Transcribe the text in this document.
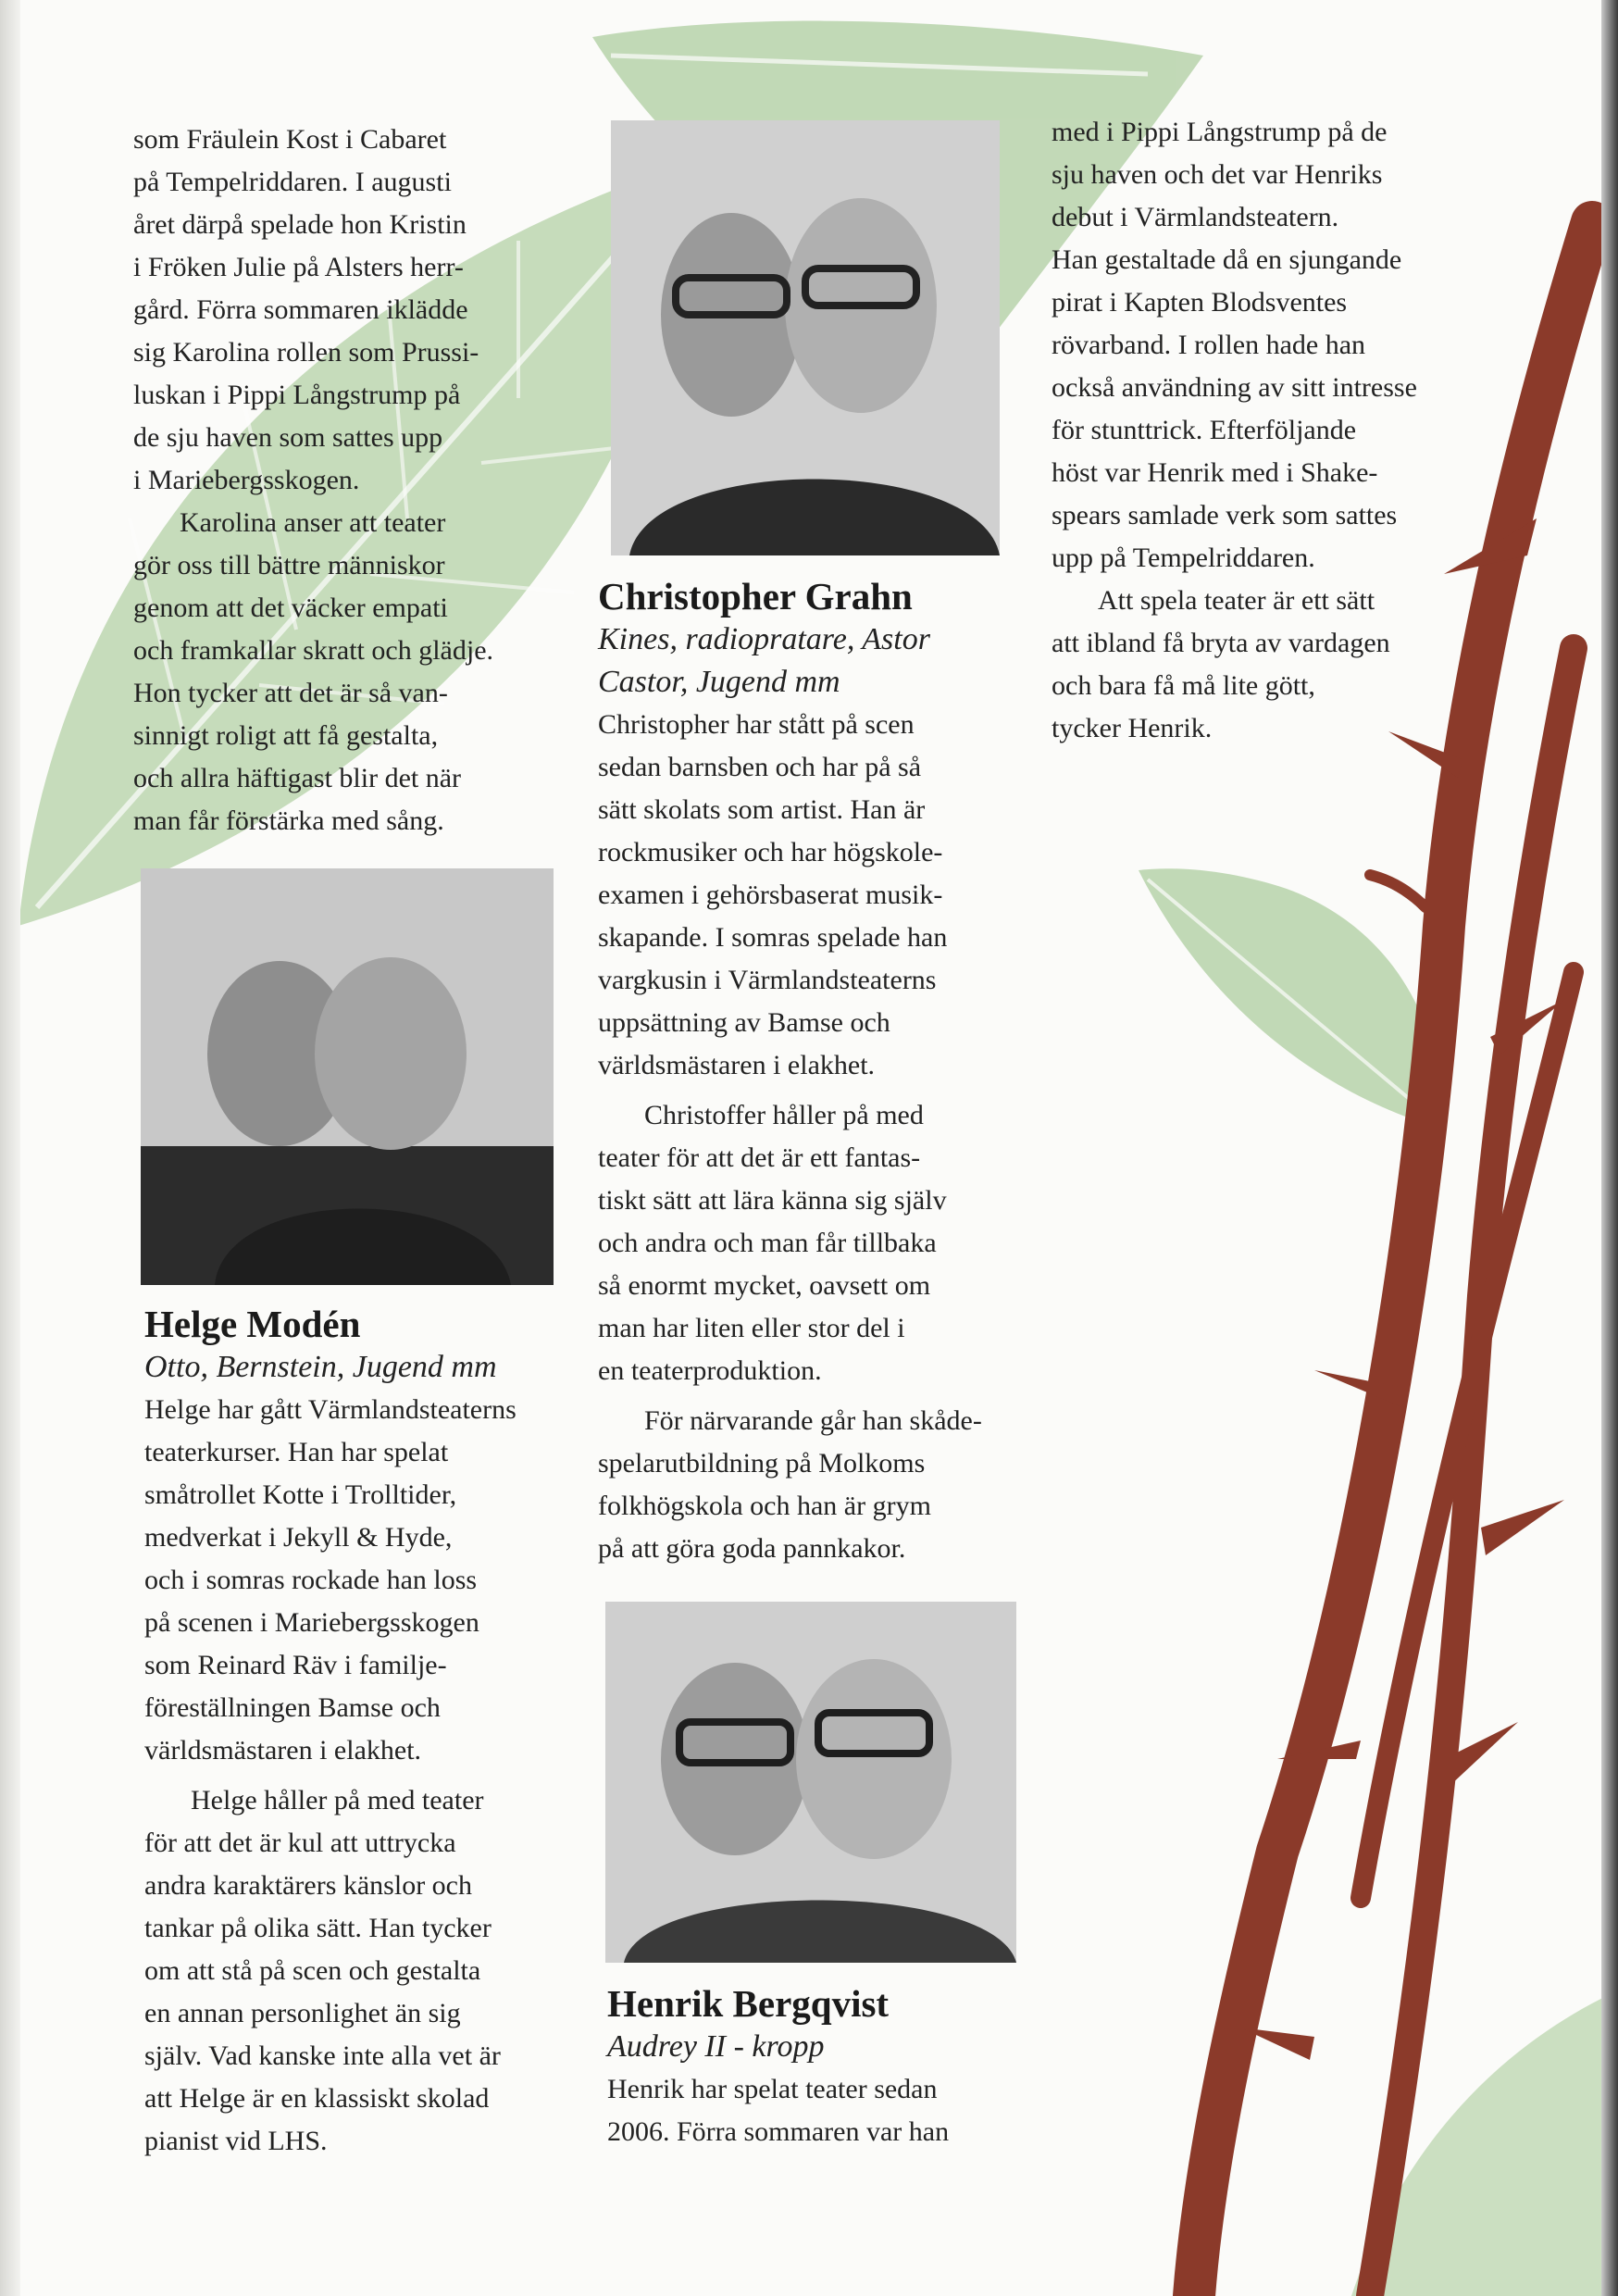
som Fräulein Kost i Cabaret
på Tempelriddaren. I augusti
året därpå spelade hon Kristin
i Fröken Julie på Alsters herr-
gård. Förra sommaren iklädde
sig Karolina rollen som Prussi-
luskan i Pippi Långstrump på
de sju haven som sattes upp
i Mariebergsskogen.

Karolina anser att teater
gör oss till bättre människor
genom att det väcker empati
och framkallar skratt och glädje.
Hon tycker att det är så van-
sinnigt roligt att få gestalta,
och allra häftigast blir det när
man får förstärka med sång.

Helge Modén

Otto, Bernstein, Jugend mm

Helge har gått Värmlandsteaterns
teaterkurser. Han har spelat
småtrollet Kotte i Trolltider,
medverkat i Jekyll & Hyde,
och i somras rockade han loss
på scenen i Mariebergsskogen
som Reinard Räv i familje-
föreställningen Bamse och
världsmästaren i elakhet.

Helge håller på med teater
för att det är kul att uttrycka
andra karaktärers känslor och
tankar på olika sätt. Han tycker
om att stå på scen och gestalta
en annan personlighet än sig
själv. Vad kanske inte alla vet är
att Helge är en klassiskt skolad
pianist vid LHS.

Christopher Grahn

Kines, radiopratare, Astor
Castor, Jugend mm

Christopher har stått på scen
sedan barnsben och har på så
sätt skolats som artist. Han är
rockmusiker och har högskole-
examen i gehörsbaserat musik-
skapande. I somras spelade han
vargkusin i Värmlandsteaterns
uppsättning av Bamse och
världsmästaren i elakhet.

Christoffer håller på med
teater för att det är ett fantas-
tiskt sätt att lära känna sig själv
och andra och man får tillbaka
så enormt mycket, oavsett om
man har liten eller stor del i
en teaterproduktion.

För närvarande går han skåde-
spelarutbildning på Molkoms
folkhögskola och han är grym
på att göra goda pannkakor.

Henrik Bergqvist

Audrey II - kropp

Henrik har spelat teater sedan
2006. Förra sommaren var han

med i Pippi Långstrump på de
sju haven och det var Henriks
debut i Värmlandsteatern.
Han gestaltade då en sjungande
pirat i Kapten Blodsventes
rövarband. I rollen hade han
också användning av sitt intresse
för stunttrick. Efterföljande
höst var Henrik med i Shake-
spears samlade verk som sattes
upp på Tempelriddaren.

Att spela teater är ett sätt
att ibland få bryta av vardagen
och bara få må lite gött,
tycker Henrik.
